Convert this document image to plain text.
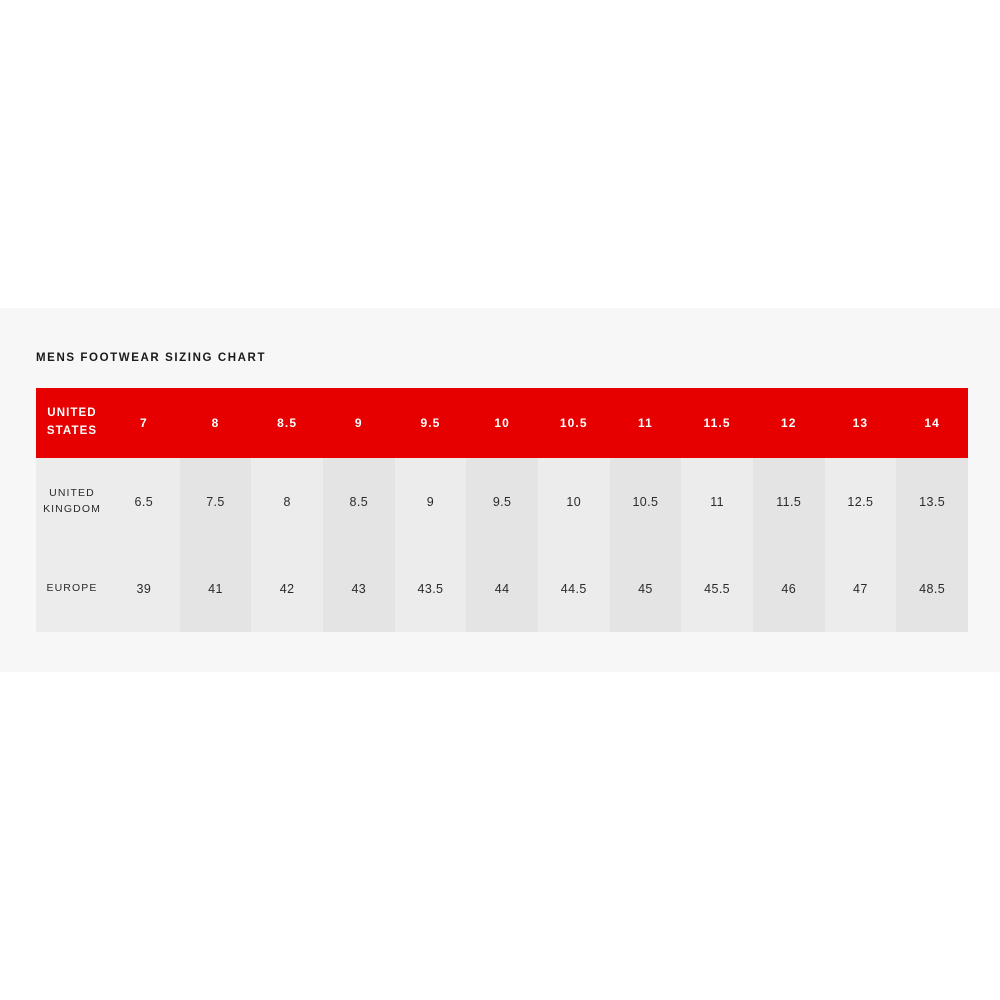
MENS FOOTWEAR SIZING CHART
UNITED STATES	7	8	8.5	9	9.5	10	10.5	11	11.5	12	13	14
UNITED KINGDOM	6.5	7.5	8	8.5	9	9.5	10	10.5	11	11.5	12.5	13.5
EUROPE	39	41	42	43	43.5	44	44.5	45	45.5	46	47	48.5
